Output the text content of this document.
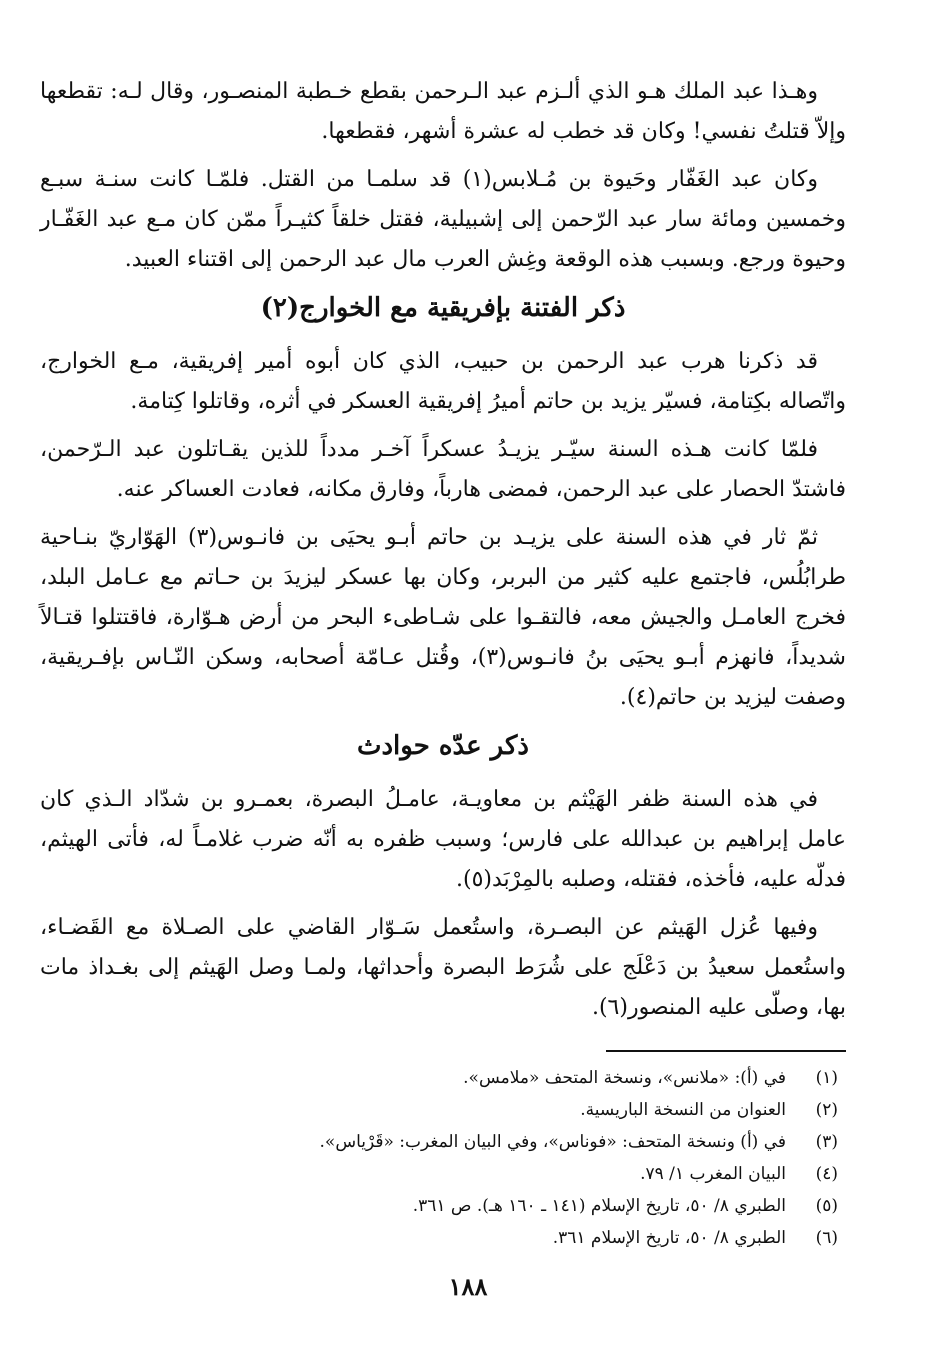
وهـذا عبد الملك هـو الذي ألـزم عبد الـرحمن بقطع خـطبة المنصـور، وقال لـه: تقطعها وإلاّ قتلتُ نفسي! وكان قد خطب له عشرة أشهر، فقطعها.

وكان عبد الغَفّار وحَيوة بن مُـلابس(١) قد سلمـا من القتل. فلمّـا كانت سنـة سبـع وخمسين ومائة سار عبد الرّحمن إلى إشبيلية، فقتل خلقاً كثيـراً ممّن كان مـع عبد الغَفّـار وحيوة ورجع. وبسبب هذه الوقعة وغِش العرب مال عبد الرحمن إلى اقتناء العبيد.

ذكر الفتنة بإفريقية مع الخوارج(٢)

قد ذكرنا هرب عبد الرحمن بن حبيب، الذي كان أبوه أمير إفريقية، مـع الخوارج، واتّصاله بكِتامة، فسيّر يزيد بن حاتم أميرُ إفريقية العسكر في أثره، وقاتلوا كِتامة.

فلمّا كانت هـذه السنة سيّـر يزيـدُ عسكراً آخـر مدداً للذين يقـاتلون عبد الـرّحمن، فاشتدّ الحصار على عبد الرحمن، فمضى هارباً، وفارق مكانه، فعادت العساكر عنه.

ثمّ ثار في هذه السنة على يزيـد بن حاتم أبـو يحيَى بن فانـوس(٣) الهَوّاريّ بنـاحية طرابُلُس، فاجتمع عليه كثير من البربر، وكان بها عسكر ليزيدَ بن حـاتم مع عـامل البلد، فخرج العامـل والجيش معه، فالتقـوا على شـاطىء البحر من أرض هـوّارة، فاقتتلوا قتـالاً شديداً، فانهزم أبـو يحيَى بنُ فانـوس(٣)، وقُتل عـامّة أصحابه، وسكن النّـاس بإفـريقية، وصفت ليزيد بن حاتم(٤).

ذكر عدّه حوادث

في هذه السنة ظفر الهَيْثم بن معاويـة، عامـلُ البصرة، بعمـرو بن شدّاد الـذي كان عامل إبراهيم بن عبدالله على فارس؛ وسبب ظفره به أنّه ضرب غلامـاً له، فأتى الهيثم، فدلّه عليه، فأخذه، فقتله، وصلبه بالمِرْبَد(٥).

وفيها عُزل الهَيثم عن البصـرة، واستُعمل سَـوّار القاضي على الصـلاة مع القَضـاء، واستُعمل سعيدُ بن دَعْلَج على شُرَط البصرة وأحداثها، ولمـا وصل الهَيثم إلى بغـداذ مات بها، وصلّى عليه المنصور(٦).

(١)
في (أ): «ملانس»، ونسخة المتحف «ملامس».
(٢)
العنوان من النسخة الباريسية.
(٣)
في (أ) ونسخة المتحف: «فوناس»، وفي البيان المغرب: «قَرْياس».
(٤)
البيان المغرب ١/ ٧٩.
(٥)
الطبري ٨/ ٥٠، تاريخ الإسلام (١٤١ ـ ١٦٠ هـ). ص ٣٦١.
(٦)
الطبري ٨/ ٥٠، تاريخ الإسلام ٣٦١.
١٨٨
